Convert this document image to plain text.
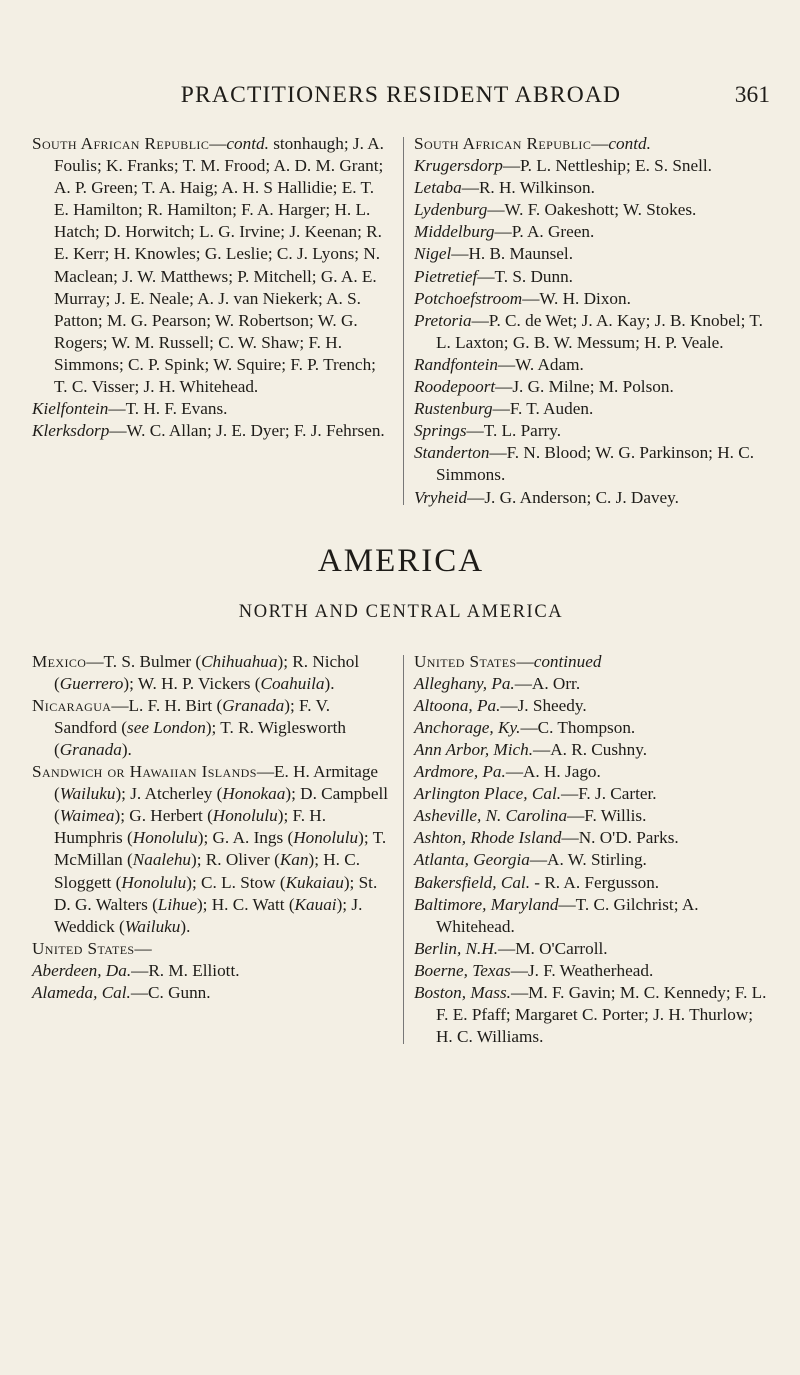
PRACTITIONERS RESIDENT ABROAD	361

South African Republic—contd. stonhaugh; J. A. Foulis; K. Franks; T. M. Frood; A. D. M. Grant; A. P. Green; T. A. Haig; A. H. S Hallidie; E. T. E. Hamilton; R. Hamilton; F. A. Harger; H. L. Hatch; D. Horwitch; L. G. Irvine; J. Keenan; R. E. Kerr; H. Knowles; G. Leslie; C. J. Lyons; N. Maclean; J. W. Matthews; P. Mitchell; G. A. E. Murray; J. E. Neale; A. J. van Niekerk; A. S. Patton; M. G. Pearson; W. Robertson; W. G. Rogers; W. M. Russell; C. W. Shaw; F. H. Simmons; C. P. Spink; W. Squire; F. P. Trench; T. C. Visser; J. H. Whitehead.

Kielfontein—T. H. F. Evans.

Klerksdorp—W. C. Allan; J. E. Dyer; F. J. Fehrsen.

South African Republic—contd.

Krugersdorp—P. L. Nettleship; E. S. Snell.

Letaba—R. H. Wilkinson.

Lydenburg—W. F. Oakeshott; W. Stokes.

Middelburg—P. A. Green.

Nigel—H. B. Maunsel.

Pietretief—T. S. Dunn.

Potchoefstroom—W. H. Dixon.

Pretoria—P. C. de Wet; J. A. Kay; J. B. Knobel; T. L. Laxton; G. B. W. Messum; H. P. Veale.

Randfontein—W. Adam.

Roodepoort—J. G. Milne; M. Polson.

Rustenburg—F. T. Auden.

Springs—T. L. Parry.

Standerton—F. N. Blood; W. G. Parkinson; H. C. Simmons.

Vryheid—J. G. Anderson; C. J. Davey.

AMERICA
NORTH AND CENTRAL AMERICA

Mexico—T. S. Bulmer (Chihuahua); R. Nichol (Guerrero); W. H. P. Vickers (Coahuila).

Nicaragua—L. F. H. Birt (Granada); F. V. Sandford (see London); T. R. Wiglesworth (Granada).

Sandwich or Hawaiian Islands—E. H. Armitage (Wailuku); J. Atcherley (Honokaa); D. Campbell (Waimea); G. Herbert (Honolulu); F. H. Humphris (Honolulu); G. A. Ings (Honolulu); T. McMillan (Naalehu); R. Oliver (Kan); H. C. Sloggett (Honolulu); C. L. Stow (Kukaiau); St. D. G. Walters (Lihue); H. C. Watt (Kauai); J. Weddick (Wailuku).

United States—

Aberdeen, Da.—R. M. Elliott.

Alameda, Cal.—C. Gunn.

United States—continued

Alleghany, Pa.—A. Orr.

Altoona, Pa.—J. Sheedy.

Anchorage, Ky.—C. Thompson.

Ann Arbor, Mich.—A. R. Cushny.

Ardmore, Pa.—A. H. Jago.

Arlington Place, Cal.—F. J. Carter.

Asheville, N. Carolina—F. Willis.

Ashton, Rhode Island—N. O'D. Parks.

Atlanta, Georgia—A. W. Stirling.

Bakersfield, Cal. - R. A. Fergusson.

Baltimore, Maryland—T. C. Gilchrist; A. Whitehead.

Berlin, N.H.—M. O'Carroll.

Boerne, Texas—J. F. Weatherhead.

Boston, Mass.—M. F. Gavin; M. C. Kennedy; F. L. F. E. Pfaff; Margaret C. Porter; J. H. Thurlow; H. C. Williams.
